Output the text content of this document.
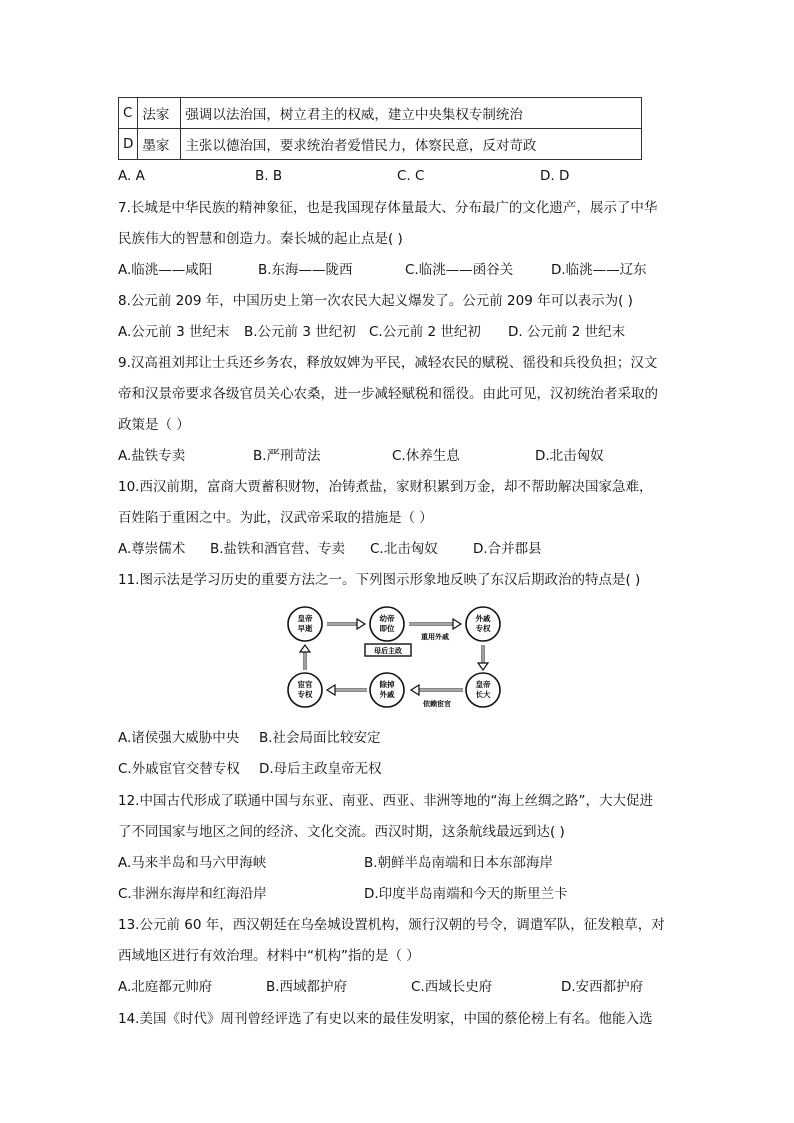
C	法家	强调以法治国，树立君主的权威，建立中央集权专制统治
D	墨家	主张以德治国，要求统治者爱惜民力，体察民意，反对苛政
A. A	B. B	C. C	D. D
7.长城是中华民族的精神象征，也是我国现存体量最大、分布最广的文化遗产，展示了中华
民族伟大的智慧和创造力。秦长城的起止点是( )
A.临洮——咸阳	B.东海——陇西	C.临洮——函谷关	D.临洮——辽东
8.公元前 209 年，中国历史上第一次农民大起义爆发了。公元前 209 年可以表示为( )
A.公元前 3 世纪末 B.公元前 3 世纪初 C.公元前 2 世纪初 D. 公元前 2 世纪末
9.汉高祖刘邦让士兵还乡务农，释放奴婢为平民，减轻农民的赋税、徭役和兵役负担；汉文
帝和汉景帝要求各级官员关心农桑，进一步减轻赋税和徭役。由此可见，汉初统治者采取的
政策是（ ）
A.盐铁专卖	B.严刑苛法	C.休养生息	D.北击匈奴
10.西汉前期，富商大贾蓄积财物，冶铸煮盐，家财积累到万金，却不帮助解决国家急难，
百姓陷于重困之中。为此，汉武帝采取的措施是（ ）
A.尊崇儒术 B.盐铁和酒官营、专卖 C.北击匈奴	D.合并郡县
11.图示法是学习历史的重要方法之一。下列图示形象地反映了东汉后期政治的特点是( )
皇帝早逝
幼帝即位
外戚专权
皇帝长大
除掉外戚
宦官专权
母后主政
重用外戚
依赖宦官
A.诸侯强大威胁中央 B.社会局面比较安定
C.外戚宦官交替专权 D.母后主政皇帝无权
12.中国古代形成了联通中国与东亚、南亚、西亚、非洲等地的“海上丝绸之路”，大大促进
了不同国家与地区之间的经济、文化交流。西汉时期，这条航线最远到达( )
A.马来半岛和马六甲海峡	B.朝鲜半岛南端和日本东部海岸
C.非洲东海岸和红海沿岸	D.印度半岛南端和今天的斯里兰卡
13.公元前 60 年，西汉朝廷在乌垒城设置机构，颁行汉朝的号令，调遣军队，征发粮草，对
西域地区进行有效治理。材料中“机构”指的是（ ）
A.北庭都元帅府	B.西域都护府	C.西域长史府	D.安西都护府
14.美国《时代》周刊曾经评选了有史以来的最佳发明家，中国的蔡伦榜上有名。他能入选
